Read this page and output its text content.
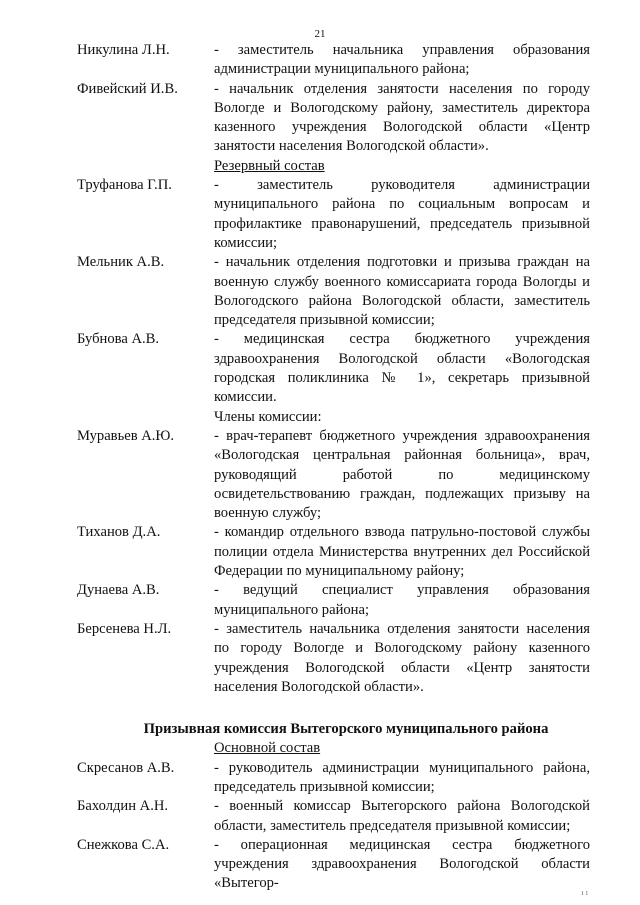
21
Никулина Л.Н.	- заместитель начальника управления образования администрации муниципального района;
Фивейский И.В.	- начальник отделения занятости населения по городу Вологде и Вологодскому району, заместитель директора казенного учреждения Вологодской области «Центр занятости населения Вологодской области».
Резервный состав
Труфанова Г.П.	- заместитель руководителя администрации муниципального района по социальным вопросам и профилактике правонарушений, председатель призывной комиссии;
Мельник А.В.	- начальник отделения подготовки и призыва граждан на военную службу военного комиссариата города Вологды и Вологодского района Вологодской области, заместитель председателя призывной комиссии;
Бубнова А.В.	- медицинская сестра бюджетного учреждения здравоохранения Вологодской области «Вологодская городская поликлиника № 1», секретарь призывной комиссии.
Члены комиссии:
Муравьев А.Ю.	- врач-терапевт бюджетного учреждения здравоохранения «Вологодская центральная районная больница», врач, руководящий работой по медицинскому освидетельствованию граждан, подлежащих призыву на военную службу;
Тиханов Д.А.	- командир отдельного взвода патрульно-постовой службы полиции отдела Министерства внутренних дел Российской Федерации по муниципальному району;
Дунаева А.В.	- ведущий специалист управления образования муниципального района;
Берсенева Н.Л.	- заместитель начальника отделения занятости населения по городу Вологде и Вологодскому району казенного учреждения Вологодской области «Центр занятости населения Вологодской области».
Призывная комиссия Вытегорского муниципального района
Основной состав
Скресанов А.В.	- руководитель администрации муниципального района, председатель призывной комиссии;
Бахолдин А.Н.	- военный комиссар Вытегорского района Вологодской области, заместитель председателя призывной комиссии;
Снежкова С.А.	- операционная медицинская сестра бюджетного учреждения здравоохранения Вологодской области «Вытегор-
ı ı
